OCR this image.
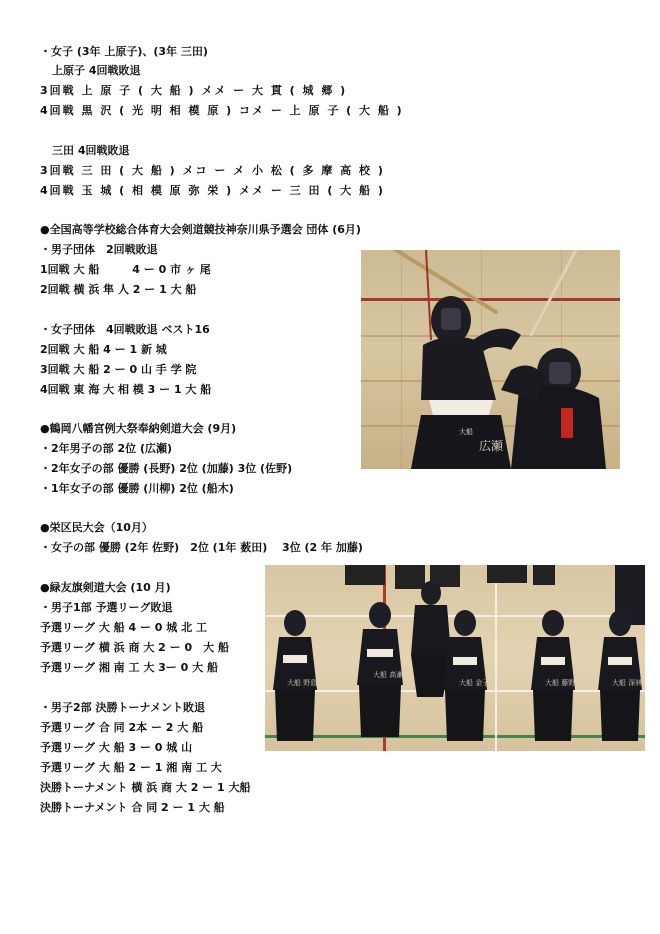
・女子 (3年 上原子)、(3年 三田)
上原子 4回戦敗退
3回戦 上 原 子 ( 大 船 ) メメ ー 大 貫 ( 城 郷 )
4回戦 黒 沢 ( 光 明 相 模 原 ) コメ ー 上 原 子 ( 大 船 )
三田 4回戦敗退
3回戦 三 田 ( 大 船 ) メコ ー メ 小 松 ( 多 摩 高 校 )
4回戦 玉 城 ( 相 模 原 弥 栄 ) メメ ー 三 田 ( 大 船 )
●全国高等学校総合体育大会剣道競技神奈川県予選会 団体 (6月)
・男子団体　2回戦敗退
1回戦 大 船　　　4 ー 0 市 ヶ 尾
2回戦 横 浜 隼 人 2 ー 1 大 船
・女子団体　4回戦敗退 ベスト16
2回戦 大 船 4 ー 1 新 城
3回戦 大 船 2 ー 0 山 手 学 院
4回戦 東 海 大 相 模 3 ー 1 大 船
●鶴岡八幡宮例大祭奉納剣道大会 (9月)
・2年男子の部 2位 (広瀬)
・2年女子の部 優勝 (長野) 2位 (加藤) 3位 (佐野)
・1年女子の部 優勝 (川柳) 2位 (船木)
●栄区民大会（10月）
・女子の部 優勝 (2年 佐野)　2位 (1年 薮田)　 3位 (2 年 加藤)
●緑友旗剣道大会 (10 月)
・男子1部 予選リーグ敗退
予選リーグ 大 船 4 ー 0 城 北 工
予選リーグ 横 浜 商 大 2 ー 0　大 船
予選リーグ 湘 南 工 大 3ー 0 大 船
・男子2部 決勝トーナメント敗退
予選リーグ 合 同 2本 ー 2 大 船
予選リーグ 大 船 3 ー 0 城 山
予選リーグ 大 船 2 ー 1 湘 南 工 大
決勝トーナメント 横 浜 商 大 2 ー 1 大船
決勝トーナメント 合 同 2 ー 1 大 船
広瀬
大船
大船 野島
大船 高瀬
大船 金子	大船 藤野	大船 深林
